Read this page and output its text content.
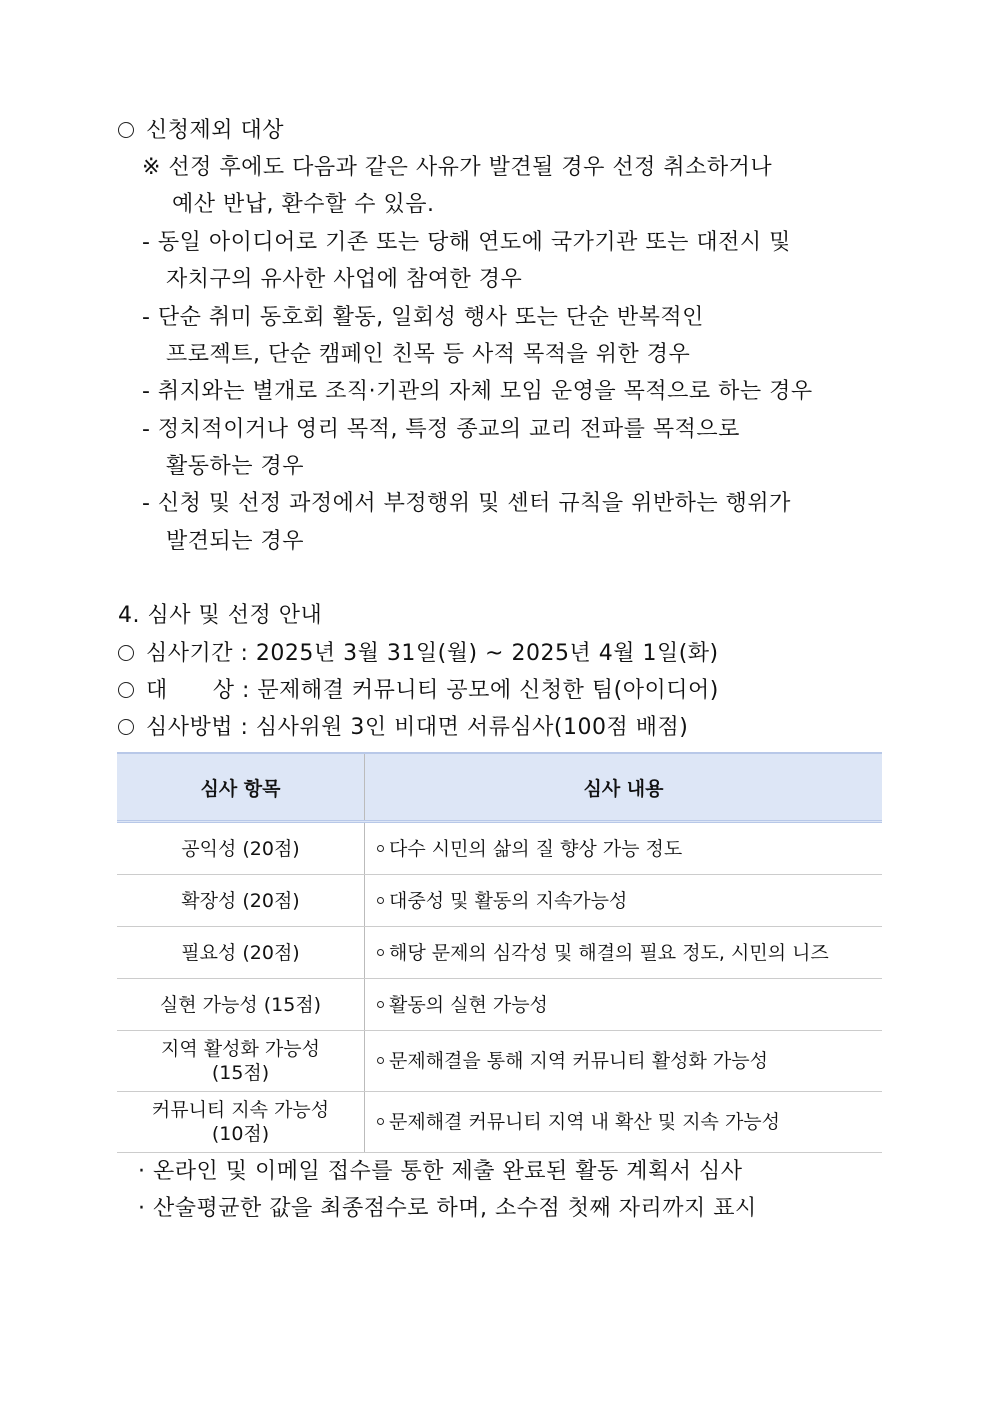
신청제외 대상
※ 선정 후에도 다음과 같은 사유가 발견될 경우 선정 취소하거나
예산 반납, 환수할 수 있음.
- 동일 아이디어로 기존 또는 당해 연도에 국가기관 또는 대전시 및
자치구의 유사한 사업에 참여한 경우
- 단순 취미 동호회 활동, 일회성 행사 또는 단순 반복적인
프로젝트, 단순 캠페인 친목 등 사적 목적을 위한 경우
- 취지와는 별개로 조직·기관의 자체 모임 운영을 목적으로 하는 경우
- 정치적이거나 영리 목적, 특정 종교의 교리 전파를 목적으로
활동하는 경우
- 신청 및 선정 과정에서 부정행위 및 센터 규칙을 위반하는 행위가
발견되는 경우
4. 심사 및 선정 안내
심사기간 : 2025년 3월 31일(월) ~ 2025년 4월 1일(화)
대      상 : 문제해결 커뮤니티 공모에 신청한 팀(아이디어)
심사방법 : 심사위원 3인 비대면 서류심사(100점 배점)
심사 항목	심사 내용
공익성 (20점)	다수 시민의 삶의 질 향상 가능 정도
확장성 (20점)	대중성 및 활동의 지속가능성
필요성 (20점)	해당 문제의 심각성 및 해결의 필요 정도, 시민의 니즈
실현 가능성 (15점)	활동의 실현 가능성

지역 활성화 가능성
(15점)	문제해결을 통해 지역 커뮤니티 활성화 가능성

커뮤니티 지속 가능성
(10점)	문제해결 커뮤니티 지역 내 확산 및 지속 가능성
· 온라인 및 이메일 접수를 통한 제출 완료된 활동 계획서 심사
· 산술평균한 값을 최종점수로 하며, 소수점 첫째 자리까지 표시
